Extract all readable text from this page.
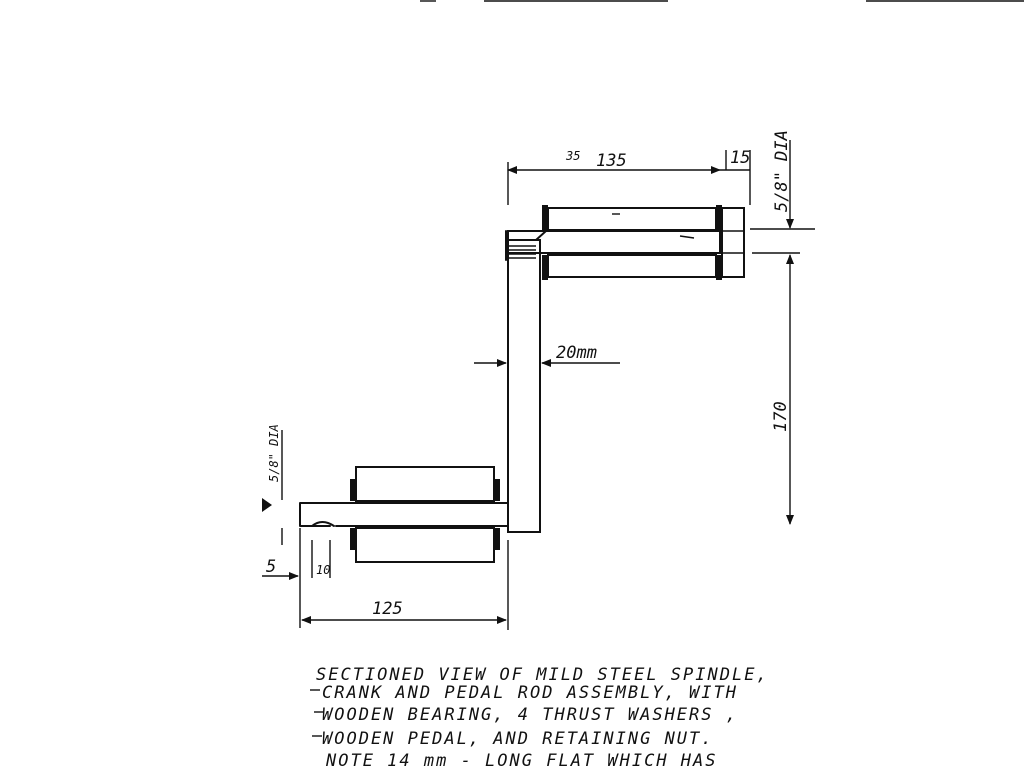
135
35	15 5/8" DIA
170
20mm
5/8" DIA
5	10
125
SECTIONED VIEW OF MILD STEEL SPINDLE,
CRANK AND PEDAL ROD ASSEMBLY, WITH
WOODEN BEARING, 4 THRUST WASHERS ,
WOODEN PEDAL, AND RETAINING NUT.
NOTE 14 mm - LONG FLAT WHICH HAS
